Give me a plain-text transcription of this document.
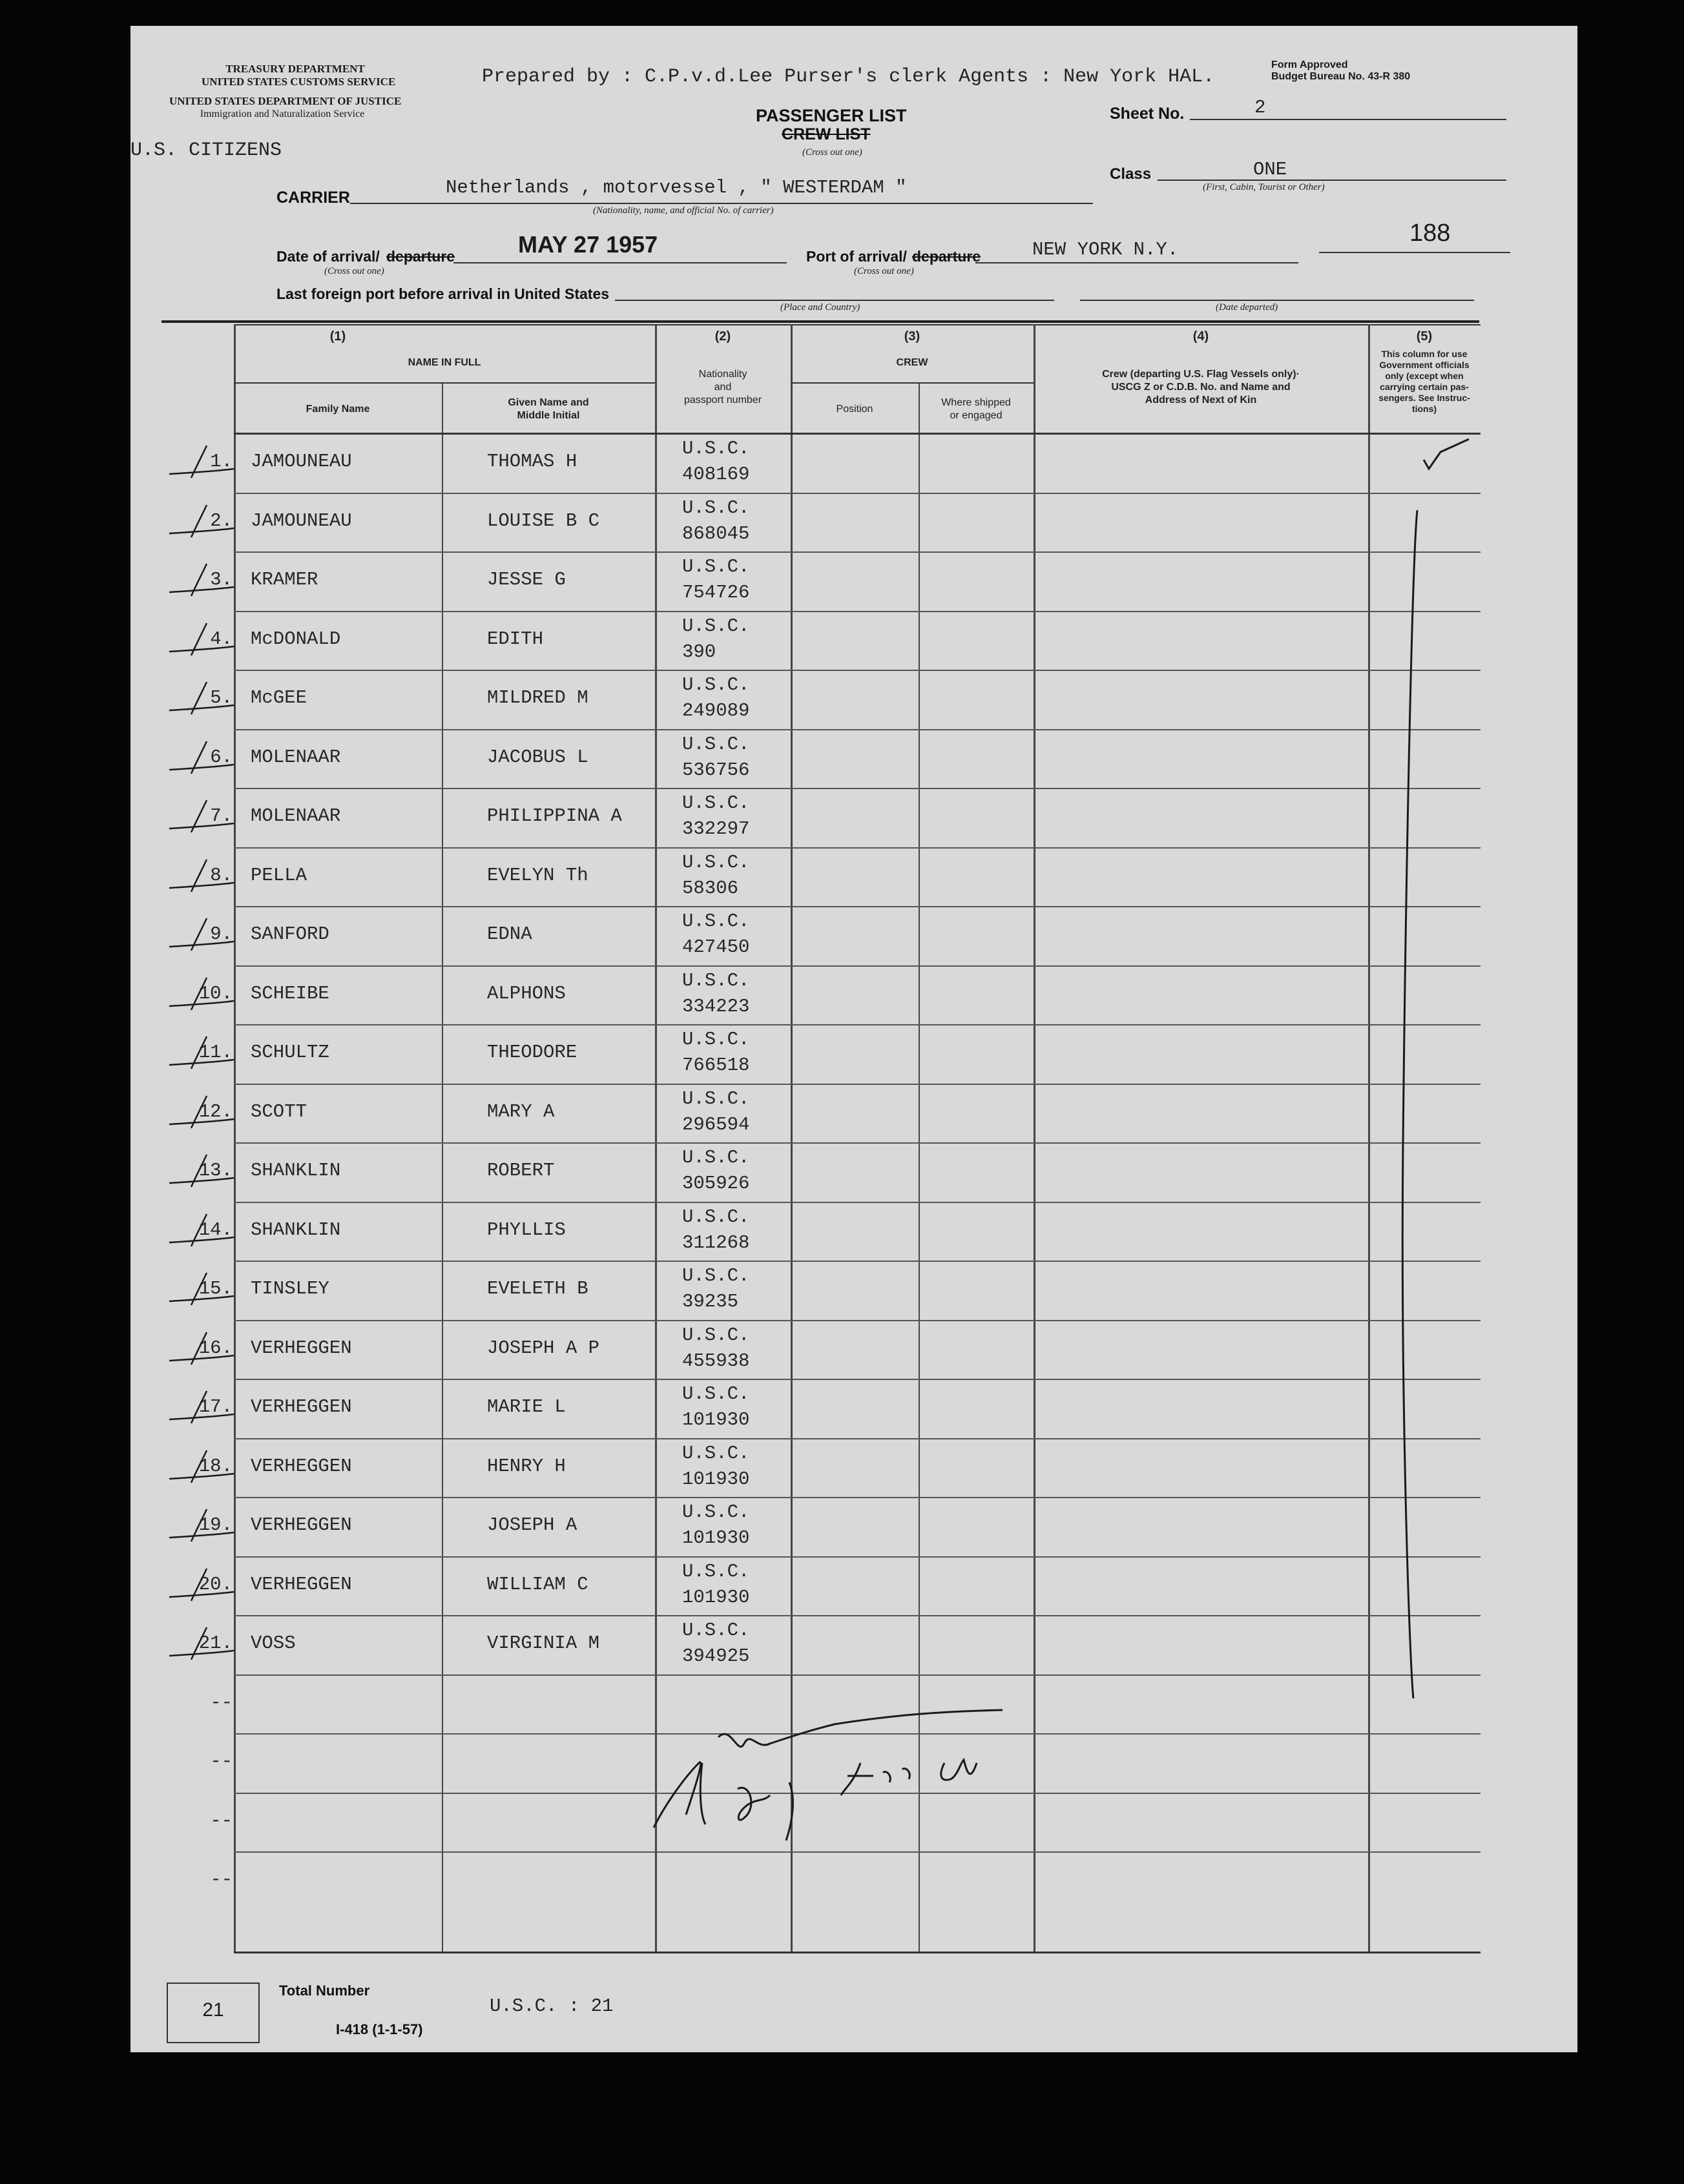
TREASURY DEPARTMENT
UNITED STATES CUSTOMS SERVICE
UNITED STATES DEPARTMENT OF JUSTICE
Immigration and Naturalization Service
Prepared by : C.P.v.d.Lee Purser's clerk Agents : New York HAL.
Form Approved
Budget Bureau No. 43-R 380
PASSENGER LIST
CREW LIST
(Cross out one)
Sheet No.	2
U.S. CITIZENS
Class	ONE
(First, Cabin, Tourist or Other)
CARRIER	Netherlands , motorvessel , " WESTERDAM "
(Nationality, name, and official No. of carrier)
188
Date of arrival/ departure
(Cross out one)
MAY 27 1957	Port of arrival/ departure
(Cross out one)
NEW YORK N.Y.
Last foreign port before arrival in United States
(Place and Country)	(Date departed)
(1)
NAME IN FULL
Family Name
Given Name and
Middle Initial
(2)
Nationality
and
passport number
(3)
CREW
Position
Where shipped
or engaged
(4)
Crew (departing U.S. Flag Vessels only)·
USCG Z or C.D.B. No. and Name and
Address of Next of Kin
(5)
This column for use
Government officials
only (except when
carrying certain pas-
sengers. See Instruc-
tions)
1. JAMOUNEAU	THOMAS H
U.S.C.
408169
2. JAMOUNEAU	LOUISE B C
U.S.C.
868045
3. KRAMER	JESSE G
U.S.C.
754726
4. McDONALD	EDITH
U.S.C.
390
5. McGEE	MILDRED M
U.S.C.
249089
6. MOLENAAR	JACOBUS L
U.S.C.
536756
7. MOLENAAR	PHILIPPINA A
U.S.C.
332297
8. PELLA	EVELYN Th
U.S.C.
58306
9. SANFORD	EDNA
U.S.C.
427450
10. SCHEIBE	ALPHONS
U.S.C.
334223
11. SCHULTZ	THEODORE
U.S.C.
766518
12. SCOTT	MARY A
U.S.C.
296594
13. SHANKLIN	ROBERT
U.S.C.
305926
14. SHANKLIN	PHYLLIS
U.S.C.
311268
15. TINSLEY	EVELETH B
U.S.C.
39235
16. VERHEGGEN	JOSEPH A P
U.S.C.
455938
17. VERHEGGEN	MARIE L
U.S.C.
101930
18. VERHEGGEN	HENRY H
U.S.C.
101930
19. VERHEGGEN	JOSEPH A
U.S.C.
101930
20. VERHEGGEN	WILLIAM C
U.S.C.
101930
21. VOSS	VIRGINIA M
U.S.C.
394925
--
--
--
--
21
Total Number
I-418 (1-1-57)
U.S.C. : 21
